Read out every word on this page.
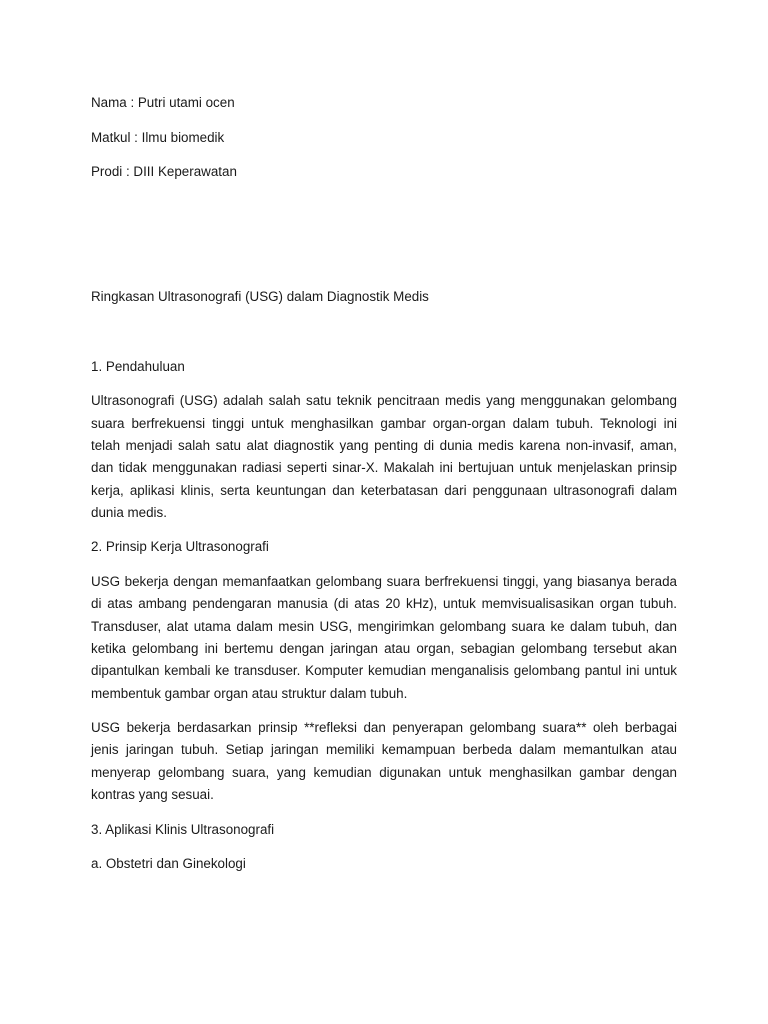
Nama : Putri utami ocen

Matkul : Ilmu biomedik

Prodi : DIII Keperawatan

Ringkasan Ultrasonografi (USG) dalam Diagnostik Medis

1. Pendahuluan

Ultrasonografi (USG) adalah salah satu teknik pencitraan medis yang menggunakan gelombang suara berfrekuensi tinggi untuk menghasilkan gambar organ-organ dalam tubuh. Teknologi ini telah menjadi salah satu alat diagnostik yang penting di dunia medis karena non-invasif, aman, dan tidak menggunakan radiasi seperti sinar-X. Makalah ini bertujuan untuk menjelaskan prinsip kerja, aplikasi klinis, serta keuntungan dan keterbatasan dari penggunaan ultrasonografi dalam dunia medis.

2. Prinsip Kerja Ultrasonografi

USG bekerja dengan memanfaatkan gelombang suara berfrekuensi tinggi, yang biasanya berada di atas ambang pendengaran manusia (di atas 20 kHz), untuk memvisualisasikan organ tubuh. Transduser, alat utama dalam mesin USG, mengirimkan gelombang suara ke dalam tubuh, dan ketika gelombang ini bertemu dengan jaringan atau organ, sebagian gelombang tersebut akan dipantulkan kembali ke transduser. Komputer kemudian menganalisis gelombang pantul ini untuk membentuk gambar organ atau struktur dalam tubuh.

USG bekerja berdasarkan prinsip **refleksi dan penyerapan gelombang suara** oleh berbagai jenis jaringan tubuh. Setiap jaringan memiliki kemampuan berbeda dalam memantulkan atau menyerap gelombang suara, yang kemudian digunakan untuk menghasilkan gambar dengan kontras yang sesuai.

3. Aplikasi Klinis Ultrasonografi

a. Obstetri dan Ginekologi
